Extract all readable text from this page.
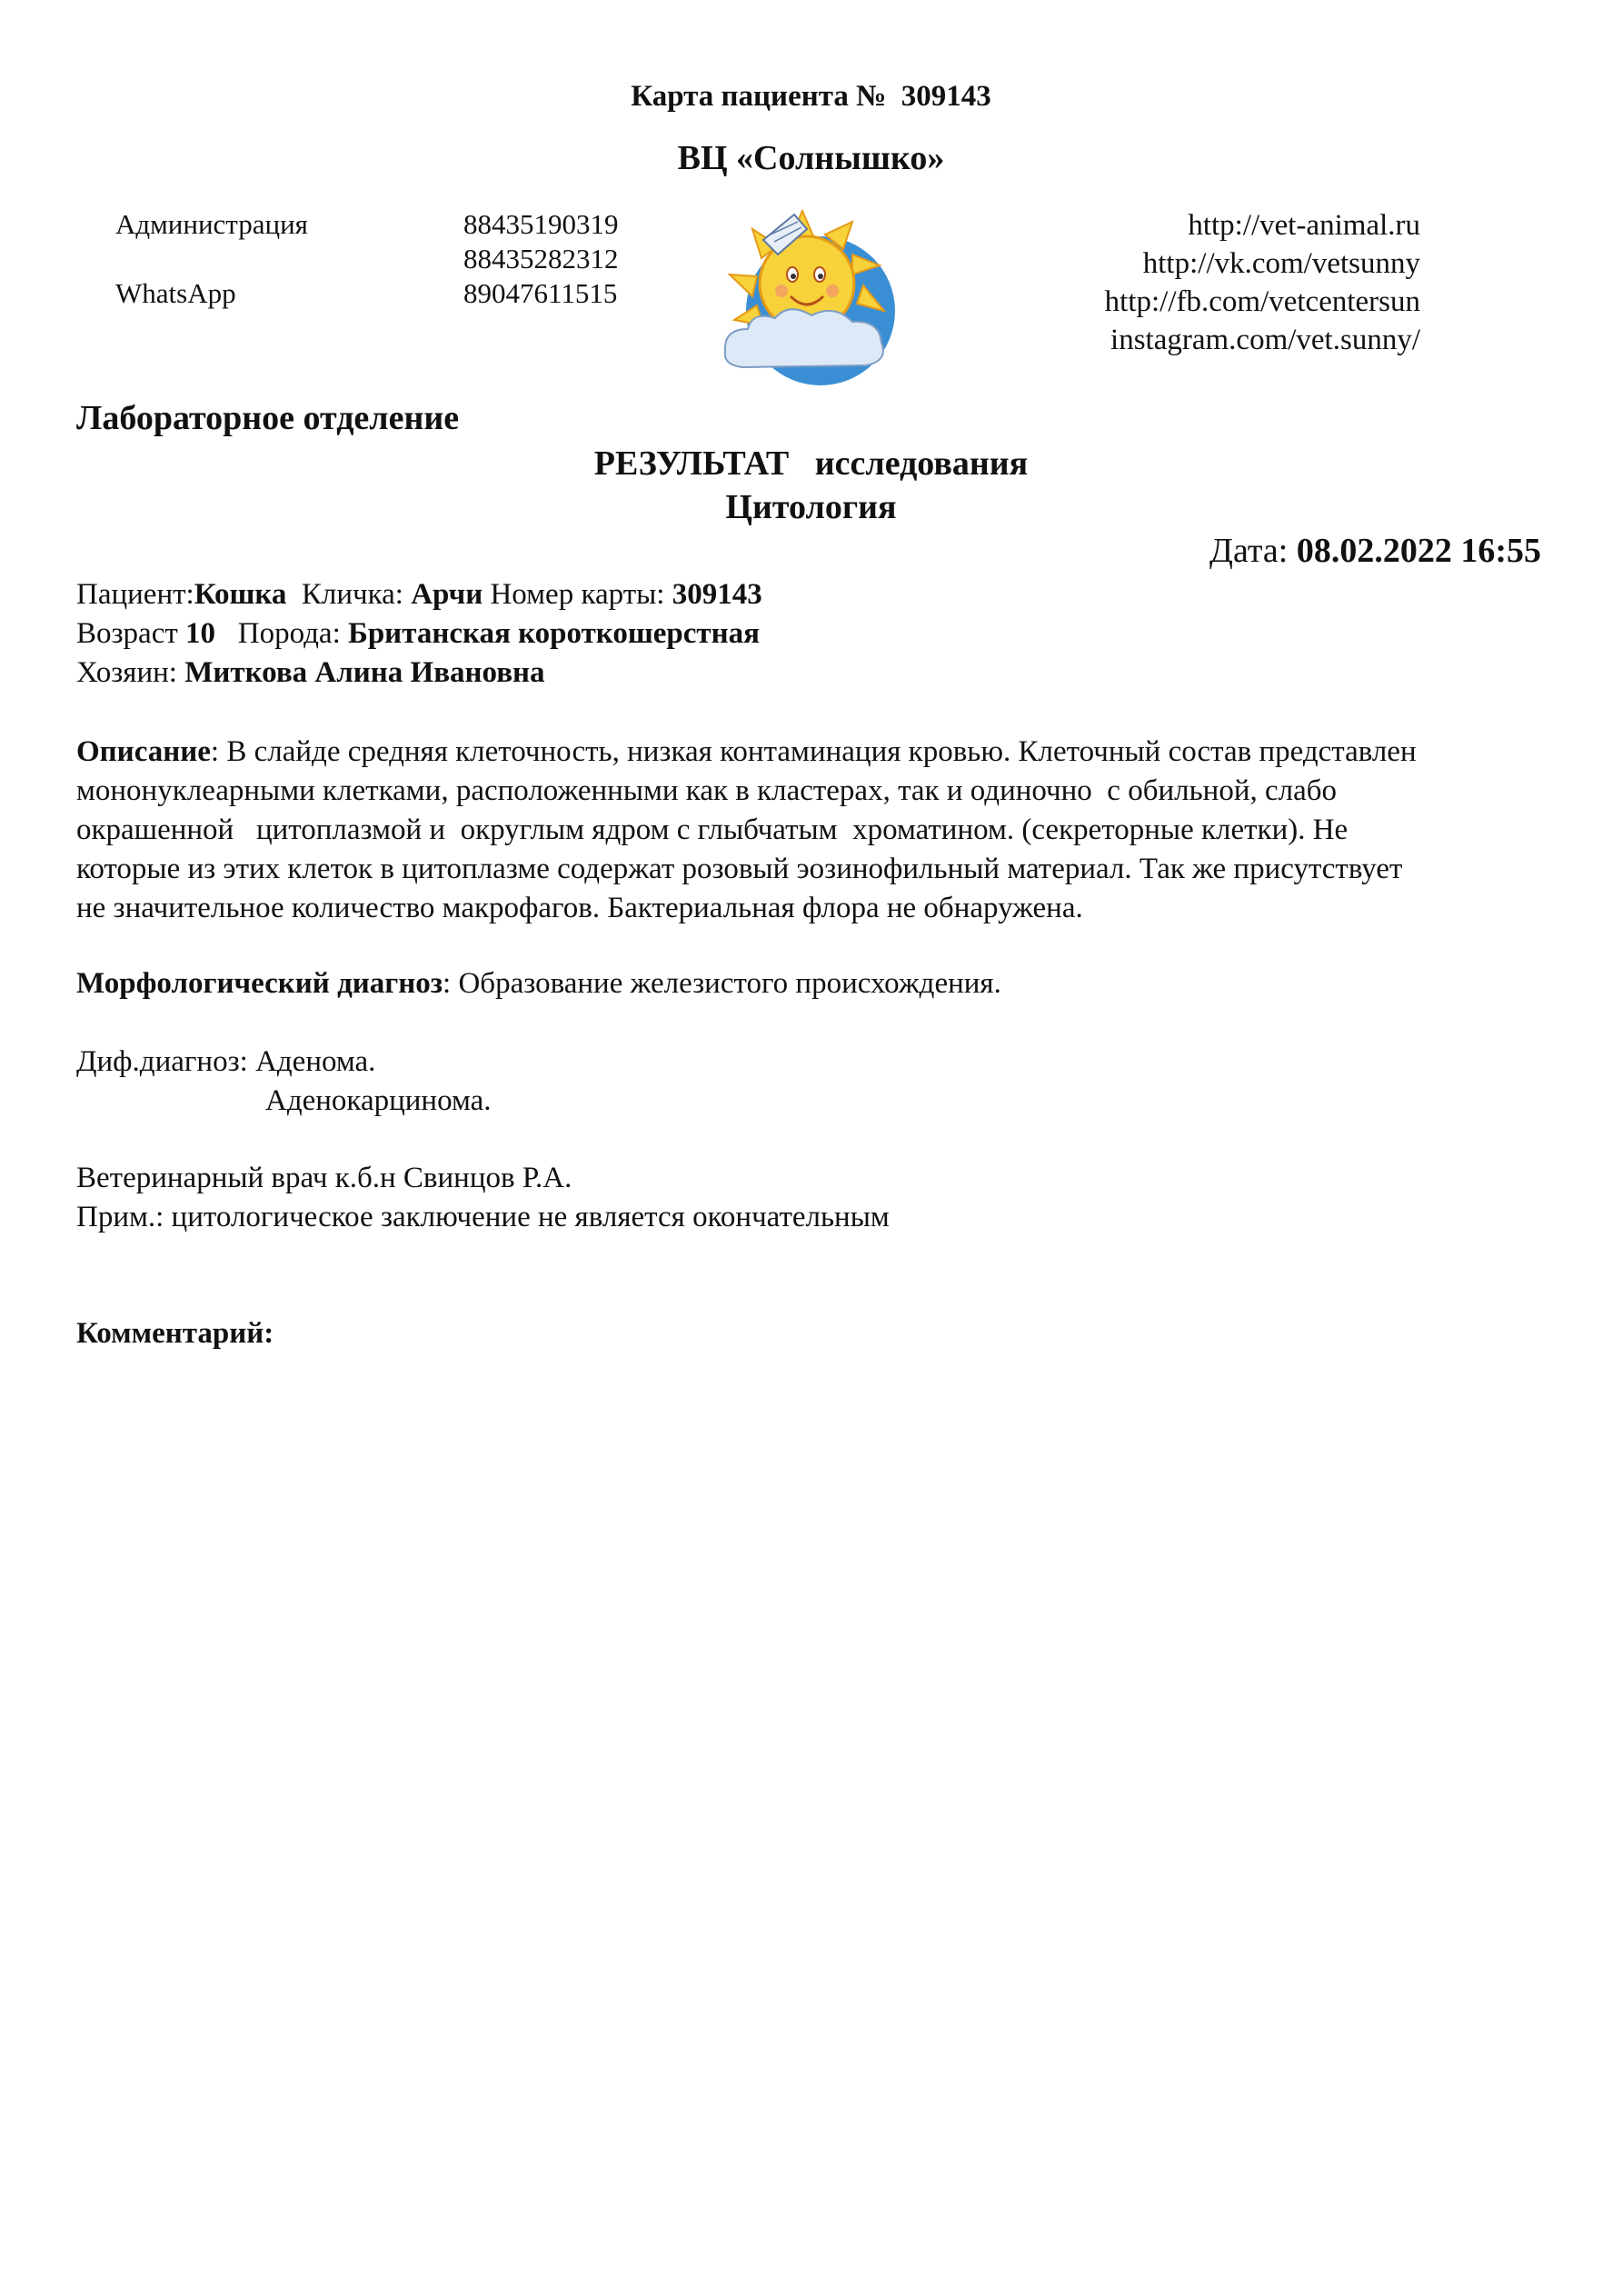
Карта пациента № 309143
ВЦ «Солнышко»
Администрация	88435190319
88435282312
WhatsApp	89047611515
http://vet-animal.ru
http://vk.com/vetsunny
http://fb.com/vetcentersun
instagram.com/vet.sunny/
Лабораторное отделение
РЕЗУЛЬТАТ   исследования
Цитология
Дата: 08.02.2022 16:55
Пациент:Кошка Кличка: Арчи Номер карты: 309143
Возраст 10 Порода: Британская короткошерстная
Хозяин: Миткова Алина Ивановна
Описание: В слайде средняя клеточность, низкая контаминация кровью. Клеточный состав представлен
мононуклеарными клетками, расположенными как в кластерах, так и одиночно  с обильной, слабо
окрашенной   цитоплазмой и  округлым ядром с глыбчатым  хроматином. (секреторные клетки). Не
которые из этих клеток в цитоплазме содержат розовый эозинофильный материал. Так же присутствует
не значительное количество макрофагов. Бактериальная флора не обнаружена.
Морфологический диагноз: Образование железистого происхождения.
Диф.диагноз: Аденома.
Аденокарцинома.
Ветеринарный врач к.б.н Свинцов Р.А.
Прим.: цитологическое заключение не является окончательным
Комментарий:
